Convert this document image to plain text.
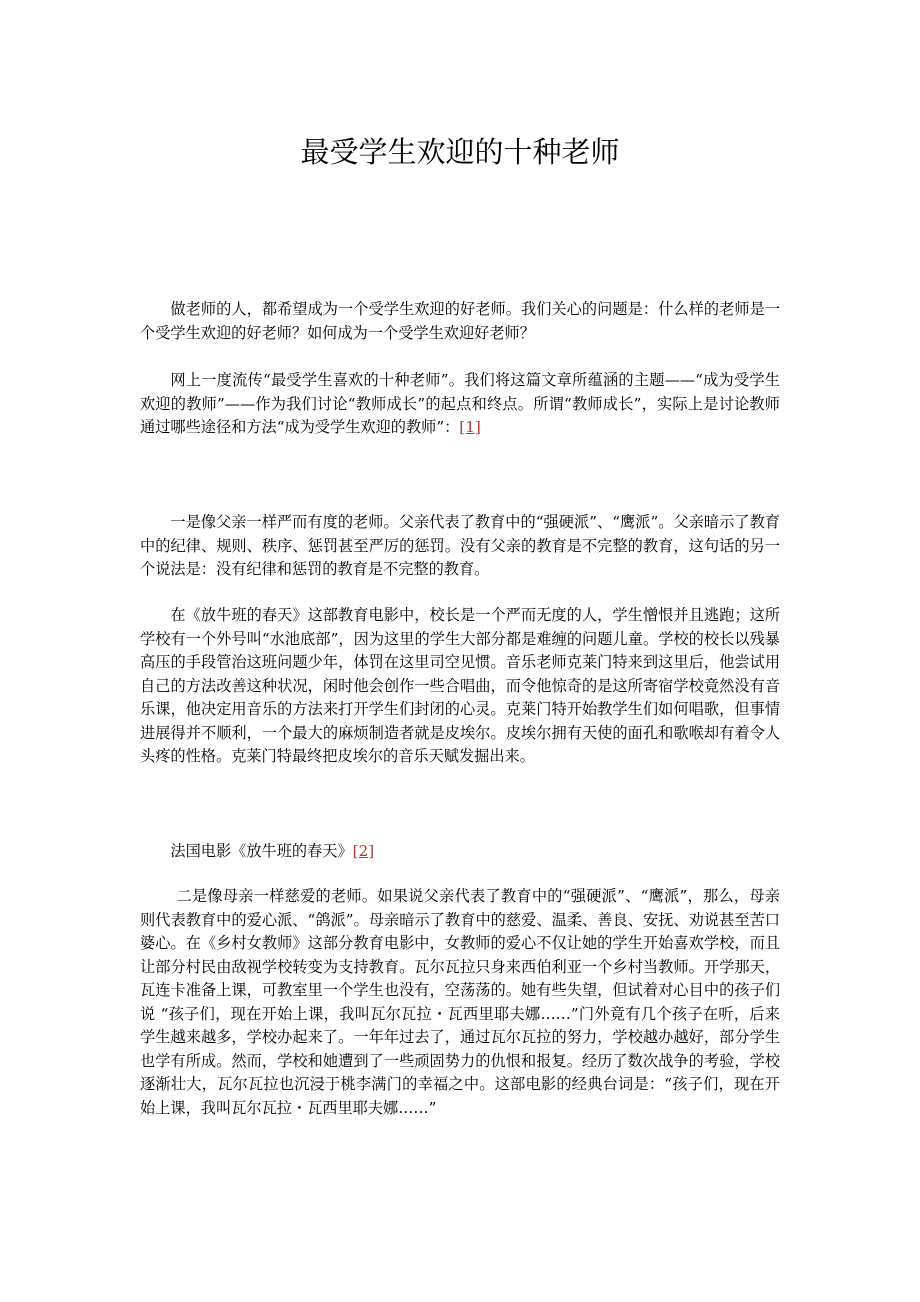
最受学生欢迎的十种老师

做老师的人，都希望成为一个受学生欢迎的好老师。我们关心的问题是：什么样的老师是一个受学生欢迎的好老师？如何成为一个受学生欢迎好老师？

网上一度流传“最受学生喜欢的十种老师”。我们将这篇文章所蕴涵的主题——“成为受学生欢迎的教师”——作为我们讨论“教师成长”的起点和终点。所谓“教师成长”，实际上是讨论教师通过哪些途径和方法“成为受学生欢迎的教师”：[1]

一是像父亲一样严而有度的老师。父亲代表了教育中的“强硬派”、“鹰派”。父亲暗示了教育中的纪律、规则、秩序、惩罚甚至严厉的惩罚。没有父亲的教育是不完整的教育，这句话的另一个说法是：没有纪律和惩罚的教育是不完整的教育。

在《放牛班的春天》这部教育电影中，校长是一个严而无度的人，学生憎恨并且逃跑；这所学校有一个外号叫“水池底部”，因为这里的学生大部分都是难缠的问题儿童。学校的校长以残暴高压的手段管治这班问题少年，体罚在这里司空见惯。音乐老师克莱门特来到这里后，他尝试用自己的方法改善这种状况，闲时他会创作一些合唱曲，而令他惊奇的是这所寄宿学校竟然没有音乐课，他决定用音乐的方法来打开学生们封闭的心灵。克莱门特开始教学生们如何唱歌，但事情进展得并不顺利，一个最大的麻烦制造者就是皮埃尔。皮埃尔拥有天使的面孔和歌喉却有着令人头疼的性格。克莱门特最终把皮埃尔的音乐天赋发掘出来。

法国电影《放牛班的春天》[2]

二是像母亲一样慈爱的老师。如果说父亲代表了教育中的“强硬派”、“鹰派”，那么，母亲则代表教育中的爱心派、“鸽派”。母亲暗示了教育中的慈爱、温柔、善良、安抚、劝说甚至苦口婆心。在《乡村女教师》这部分教育电影中，女教师的爱心不仅让她的学生开始喜欢学校，而且让部分村民由敌视学校转变为支持教育。瓦尔瓦拉只身来西伯利亚一个乡村当教师。开学那天，瓦连卡准备上课，可教室里一个学生也没有，空荡荡的。她有些失望，但试着对心目中的孩子们说 “孩子们，现在开始上课，我叫瓦尔瓦拉・瓦西里耶夫娜……”门外竟有几个孩子在听，后来学生越来越多，学校办起来了。一年年过去了，通过瓦尔瓦拉的努力，学校越办越好，部分学生也学有所成。然而，学校和她遭到了一些顽固势力的仇恨和报复。经历了数次战争的考验，学校逐渐壮大，瓦尔瓦拉也沉浸于桃李满门的幸福之中。这部电影的经典台词是：“孩子们，现在开始上课，我叫瓦尔瓦拉・瓦西里耶夫娜……”
